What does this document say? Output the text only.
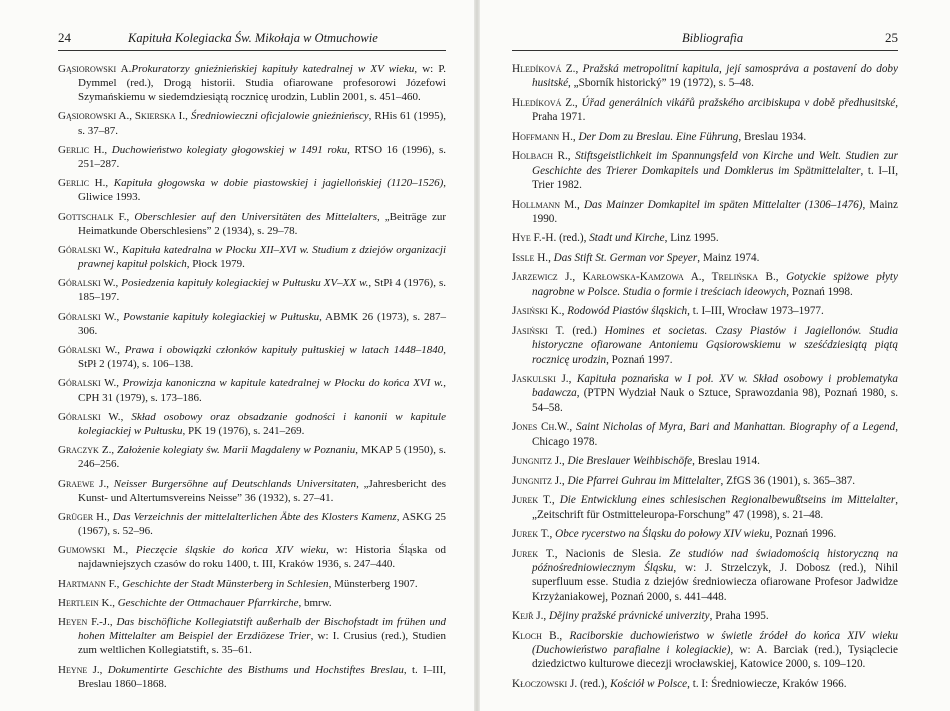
24	Kapituła Kolegiacka Św. Mikołaja w Otmuchowie

Gąsiorowski A.Prokuratorzy gnieźnieńskiej kapituły katedralnej w XV wieku, w: P. Dymmel (red.), Drogą historii. Studia ofiarowane profesorowi Józefowi Szymańskiemu w siedemdziesiątą rocznicę urodzin, Lublin 2001, s. 451–460.

Gąsiorowski A., Skierska I., Średniowieczni oficjalowie gnieźnieńscy, RHis 61 (1995), s. 37–87.

Gerlic H., Duchowieństwo kolegiaty głogowskiej w 1491 roku, RTSO 16 (1996), s. 251–287.

Gerlic H., Kapituła głogowska w dobie piastowskiej i jagiellońskiej (1120–1526), Gliwice 1993.

Gottschalk F., Oberschlesier auf den Universitäten des Mittelalters, „Beiträge zur Heimatkunde Oberschlesiens” 2 (1934), s. 29–78.

Góralski W., Kapituła katedralna w Płocku XII–XVI w. Studium z dziejów organizacji prawnej kapituł polskich, Płock 1979.

Góralski W., Posiedzenia kapituły kolegiackiej w Pułtusku XV–XX w., StPł 4 (1976), s. 185–197.

Góralski W., Powstanie kapituły kolegiackiej w Pułtusku, ABMK 26 (1973), s. 287–306.

Góralski W., Prawa i obowiązki członków kapituły pułtuskiej w latach 1448–1840, StPł 2 (1974), s. 106–138.

Góralski W., Prowizja kanoniczna w kapitule katedralnej w Płocku do końca XVI w., CPH 31 (1979), s. 173–186.

Góralski W., Skład osobowy oraz obsadzanie godności i kanonii w kapitule kolegiackiej w Pułtusku, PK 19 (1976), s. 241–269.

Graczyk Z., Założenie kolegiaty św. Marii Magdaleny w Poznaniu, MKAP 5 (1950), s. 246–256.

Graewe J., Neisser Burgersöhne auf Deutschlands Universitaten, „Jahresbericht des Kunst- und Altertumsvereins Neisse” 36 (1932), s. 27–41.

Grüger H., Das Verzeichnis der mittelalterlichen Äbte des Klosters Kamenz, ASKG 25 (1967), s. 52–96.

Gumowski M., Pieczęcie śląskie do końca XIV wieku, w: Historia Śląska od najdawniejszych czasów do roku 1400, t. III, Kraków 1936, s. 247–440.

Hartmann F., Geschichte der Stadt Münsterberg in Schlesien, Münsterberg 1907.

Hertlein K., Geschichte der Ottmachauer Pfarrkirche, bmrw.

Heyen F.-J., Das bischöfliche Kollegiatstift außerhalb der Bischofstadt im frühen und hohen Mittelalter am Beispiel der Erzdiözese Trier, w: I. Crusius (red.), Studien zum weltlichen Kollegiatstift, s. 35–61.

Heyne J., Dokumentirte Geschichte des Bisthums und Hochstiftes Breslau, t. I–III, Breslau 1860–1868.

Bibliografia	25

Hledíková Z., Pražská metropolitní kapitula, její samospráva a postavení do doby husitské, „Sborník historický” 19 (1972), s. 5–48.

Hledíková Z., Úřad generálních vikářů pražského arcibiskupa v době předhusitské, Praha 1971.

Hoffmann H., Der Dom zu Breslau. Eine Führung, Breslau 1934.

Holbach R., Stiftsgeistlichkeit im Spannungsfeld von Kirche und Welt. Studien zur Geschichte des Trierer Domkapitels und Domklerus im Spätmittelalter, t. I–II, Trier 1982.

Hollmann M., Das Mainzer Domkapitel im späten Mittelalter (1306–1476), Mainz 1990.

Hye F.-H. (red.), Stadt und Kirche, Linz 1995.

Issle H., Das Stift St. German vor Speyer, Mainz 1974.

Jarzewicz J., Karłowska-Kamzowa A., Trelińska B., Gotyckie spiżowe płyty nagrobne w Polsce. Studia o formie i treściach ideowych, Poznań 1998.

Jasiński K., Rodowód Piastów śląskich, t. I–III, Wrocław 1973–1977.

Jasiński T. (red.) Homines et societas. Czasy Piastów i Jagiellonów. Studia historyczne ofiarowane Antoniemu Gąsiorowskiemu w sześćdziesiątą piątą rocznicę urodzin, Poznań 1997.

Jaskulski J., Kapituła poznańska w I poł. XV w. Skład osobowy i problematyka badawcza, (PTPN Wydział Nauk o Sztuce, Sprawozdania 98), Poznań 1980, s. 54–58.

Jones Ch.W., Saint Nicholas of Myra, Bari and Manhattan. Biography of a Legend, Chicago 1978.

Jungnitz J., Die Breslauer Weihbischöfe, Breslau 1914.

Jungnitz J., Die Pfarrei Guhrau im Mittelalter, ZfGS 36 (1901), s. 365–387.

Jurek T., Die Entwicklung eines schlesischen Regionalbewußtseins im Mittelalter, „Zeitschrift für Ostmitteleuropa-Forschung” 47 (1998), s. 21–48.

Jurek T., Obce rycerstwo na Śląsku do połowy XIV wieku, Poznań 1996.

Jurek T., Nacionis de Slesia. Ze studiów nad świadomością historyczną na późnośredniowiecznym Śląsku, w: J. Strzelczyk, J. Dobosz (red.), Nihil superfluum esse. Studia z dziejów średniowiecza ofiarowane Profesor Jadwidze Krzyżaniakowej, Poznań 2000, s. 441–448.

Kejř J., Dějiny pražské právnické univerzity, Praha 1995.

Kloch B., Raciborskie duchowieństwo w świetle źródeł do końca XIV wieku (Duchowieństwo parafialne i kolegiackie), w: A. Barciak (red.), Tysiąclecie dziedzictwo kulturowe diecezji wrocławskiej, Katowice 2000, s. 109–120.

Kłoczowski J. (red.), Kościół w Polsce, t. I: Średniowiecze, Kraków 1966.
